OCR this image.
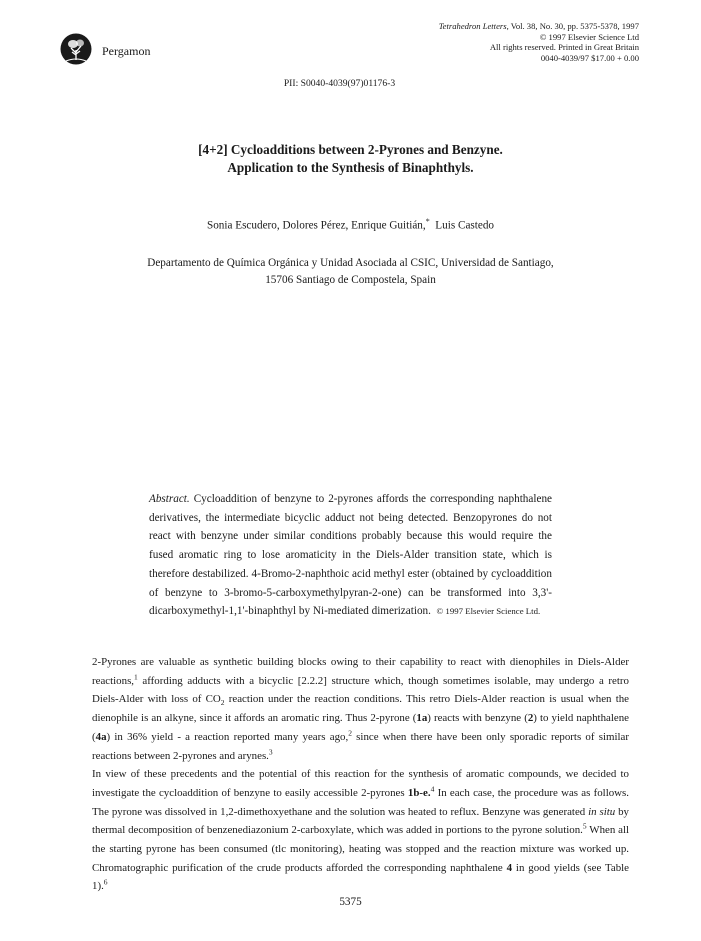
Pergamon
Tetrahedron Letters, Vol. 38, No. 30, pp. 5375-5378, 1997
© 1997 Elsevier Science Ltd
All rights reserved. Printed in Great Britain
0040-4039/97 $17.00 + 0.00
PII: S0040-4039(97)01176-3
[4+2] Cycloadditions between 2-Pyrones and Benzyne.
Application to the Synthesis of Binaphthyls.
Sonia Escudero, Dolores Pérez, Enrique Guitián,* Luis Castedo
Departamento de Química Orgánica y Unidad Asociada al CSIC, Universidad de Santiago,
15706 Santiago de Compostela, Spain
Abstract. Cycloaddition of benzyne to 2-pyrones affords the corresponding naphthalene derivatives, the intermediate bicyclic adduct not being detected. Benzopyrones do not react with benzyne under similar conditions probably because this would require the fused aromatic ring to lose aromaticity in the Diels-Alder transition state, which is therefore destabilized. 4-Bromo-2-naphthoic acid methyl ester (obtained by cycloaddition of benzyne to 3-bromo-5-carboxymethylpyran-2-one) can be transformed into 3,3'-dicarboxymethyl-1,1'-binaphthyl by Ni-mediated dimerization. © 1997 Elsevier Science Ltd.

2-Pyrones are valuable as synthetic building blocks owing to their capability to react with dienophiles in Diels-Alder reactions,$^1$ affording adducts with a bicyclic [2.2.2] structure which, though sometimes isolable, may undergo a retro Diels-Alder with loss of $CO_2$ reaction under the reaction conditions. This retro Diels-Alder reaction is usual when the dienophile is an alkyne, since it affords an aromatic ring. Thus 2-pyrone (1a) reacts with benzyne (2) to yield naphthalene (4a) in 36% yield - a reaction reported many years ago,$^2$ since when there have been only sporadic reports of similar reactions between 2-pyrones and arynes.$^3$

In view of these precedents and the potential of this reaction for the synthesis of aromatic compounds, we decided to investigate the cycloaddition of benzyne to easily accessible 2-pyrones 1b-e.$^4$ In each case, the procedure was as follows. The pyrone was dissolved in 1,2-dimethoxyethane and the solution was heated to reflux. Benzyne was generated in situ by thermal decomposition of benzenediazonium 2-carboxylate, which was added in portions to the pyrone solution.$^5$ When all the starting pyrone has been consumed (tlc monitoring), heating was stopped and the reaction mixture was worked up. Chromatographic purification of the crude products afforded the corresponding naphthalene 4 in good yields (see Table 1).$^6$

5375
